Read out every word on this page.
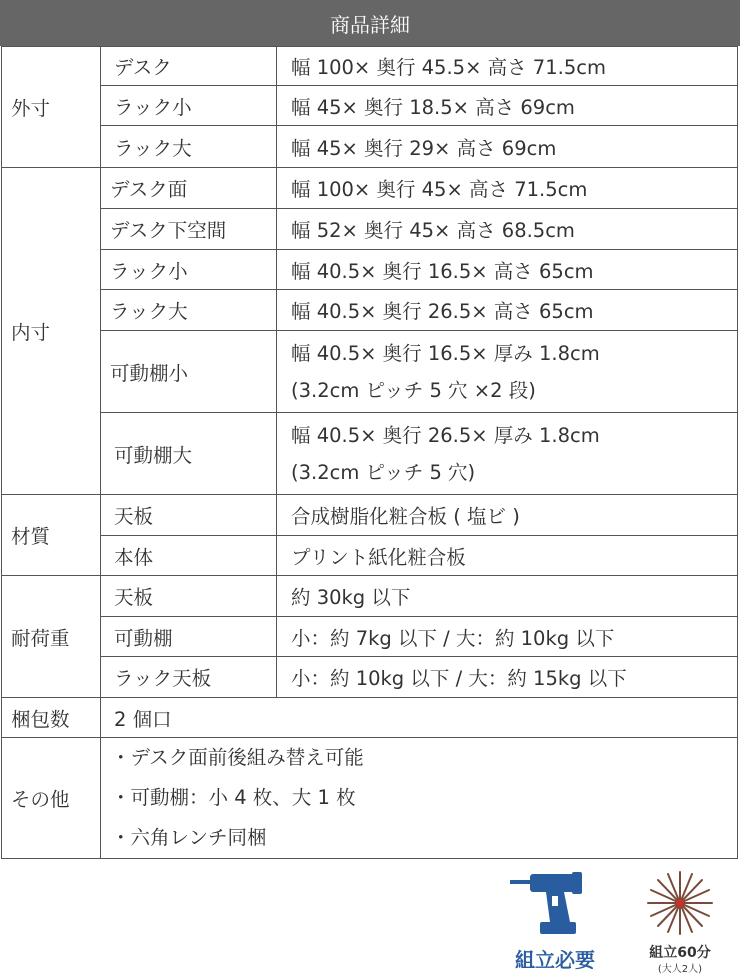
商品詳細
外寸	デスク	幅 100× 奥行 45.5× 高さ 71.5cm
	ラック小	幅 45× 奥行 18.5× 高さ 69cm
	ラック大	幅 45× 奥行 29× 高さ 69cm
内寸	デスク面	幅 100× 奥行 45× 高さ 71.5cm
	デスク下空間	幅 52× 奥行 45× 高さ 68.5cm
	ラック小	幅 40.5× 奥行 16.5× 高さ 65cm
	ラック大	幅 40.5× 奥行 26.5× 高さ 65cm
	可動棚小	幅 40.5× 奥行 16.5× 厚み 1.8cm
(3.2cm ピッチ 5 穴 ×2 段)

	可動棚大	幅 40.5× 奥行 26.5× 厚み 1.8cm
(3.2cm ピッチ 5 穴)

材質	天板	合成樹脂化粧合板 ( 塩ビ )
	本体	プリント紙化粧合板
耐荷重	天板	約 30kg 以下
	可動棚	小：約 7kg 以下 / 大：約 10kg 以下
	ラック天板	小：約 10kg 以下 / 大：約 15kg 以下
梱包数	2 個口	
その他	・デスク面前後組み替え可能
・可動棚：小 4 枚、大 1 枚
・六角レンチ同梱	
組立必要	組立60分
(大人2人)
